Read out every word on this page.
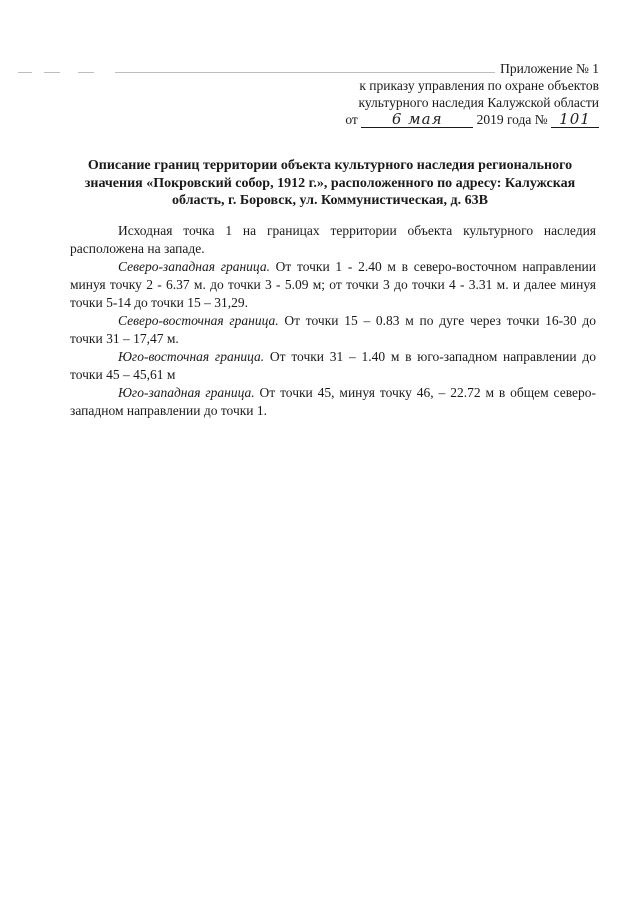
Приложение № 1
к приказу управления по охране объектов
культурного наследия Калужской области
от 6 мая	2019 года № 101
Описание границ территории объекта культурного наследия регионального значения «Покровский собор, 1912 г.», расположенного по адресу: Калужская область, г. Боровск, ул. Коммунистическая, д. 63В

Исходная точка 1 на границах территории объекта культурного наследия расположена на западе.

Северо-западная граница. От точки 1 - 2.40 м в северо-восточном направлении минуя точку 2 - 6.37 м. до точки 3 - 5.09 м; от точки 3 до точки 4 - 3.31 м. и далее минуя точки 5-14 до точки 15 – 31,29.

Северо-восточная граница. От точки 15 – 0.83 м по дуге через точки 16-30 до точки 31 – 17,47 м.

Юго-восточная граница. От точки 31 – 1.40 м в юго-западном направлении до точки 45 – 45,61 м

Юго-западная граница. От точки 45, минуя точку 46, – 22.72 м в общем северо-западном направлении до точки 1.
